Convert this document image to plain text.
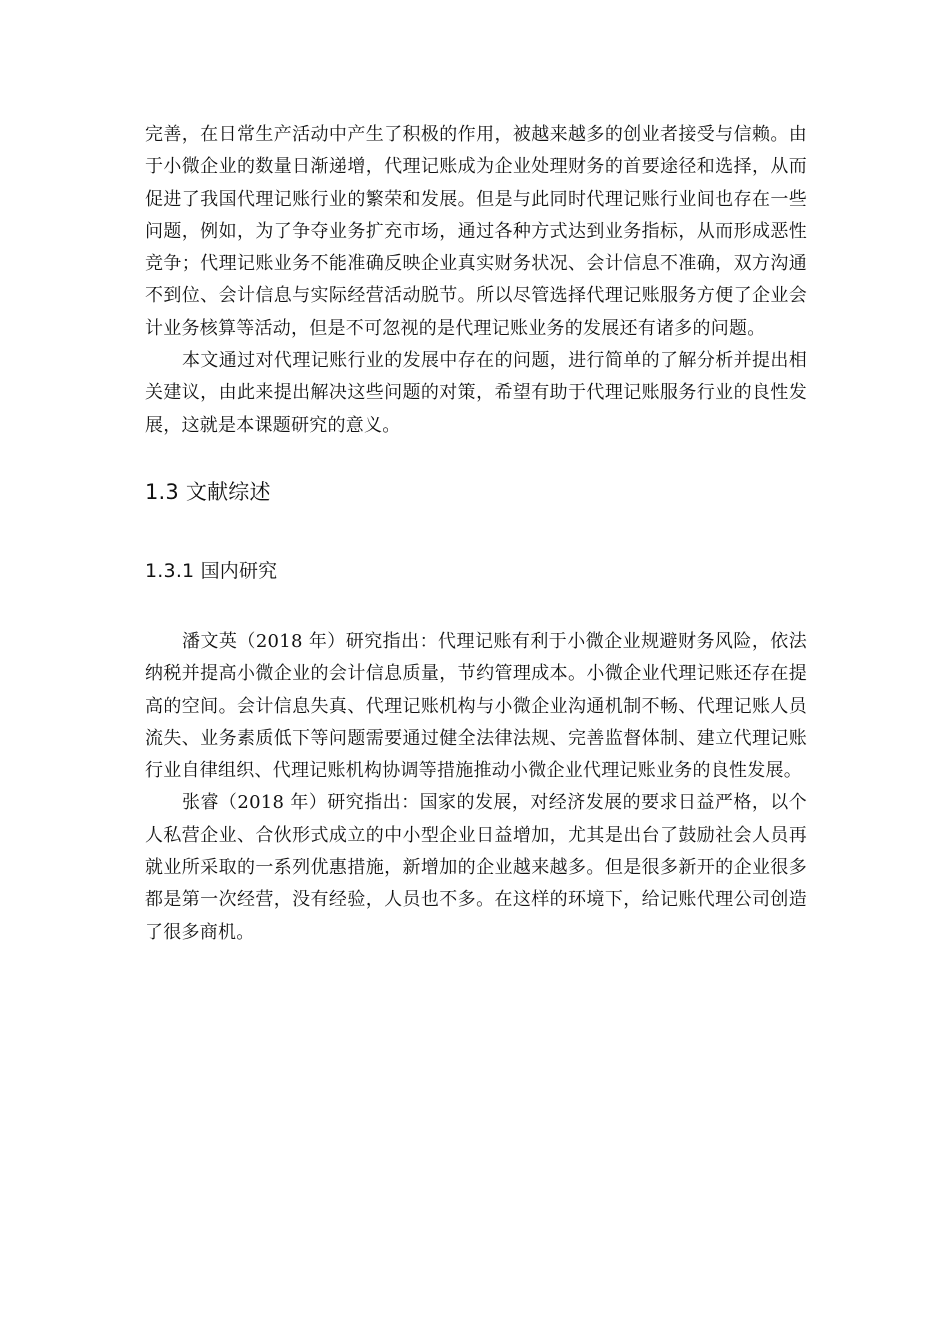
完善，在日常生产活动中产生了积极的作用，被越来越多的创业者接受与信赖。由于小微企业的数量日渐递增，代理记账成为企业处理财务的首要途径和选择，从而促进了我国代理记账行业的繁荣和发展。但是与此同时代理记账行业间也存在一些问题，例如，为了争夺业务扩充市场，通过各种方式达到业务指标，从而形成恶性竞争；代理记账业务不能准确反映企业真实财务状况、会计信息不准确，双方沟通不到位、会计信息与实际经营活动脱节。所以尽管选择代理记账服务方便了企业会计业务核算等活动，但是不可忽视的是代理记账业务的发展还有诸多的问题。

本文通过对代理记账行业的发展中存在的问题，进行简单的了解分析并提出相关建议，由此来提出解决这些问题的对策，希望有助于代理记账服务行业的良性发展，这就是本课题研究的意义。

1.3 文献综述
1.3.1 国内研究

潘文英（2018 年）研究指出：代理记账有利于小微企业规避财务风险，依法纳税并提高小微企业的会计信息质量，节约管理成本。小微企业代理记账还存在提高的空间。会计信息失真、代理记账机构与小微企业沟通机制不畅、代理记账人员流失、业务素质低下等问题需要通过健全法律法规、完善监督体制、建立代理记账行业自律组织、代理记账机构协调等措施推动小微企业代理记账业务的良性发展。

张睿（2018 年）研究指出：国家的发展，对经济发展的要求日益严格，以个人私营企业、合伙形式成立的中小型企业日益增加，尤其是出台了鼓励社会人员再就业所采取的一系列优惠措施，新增加的企业越来越多。但是很多新开的企业很多都是第一次经营，没有经验，人员也不多。在这样的环境下，给记账代理公司创造了很多商机。
